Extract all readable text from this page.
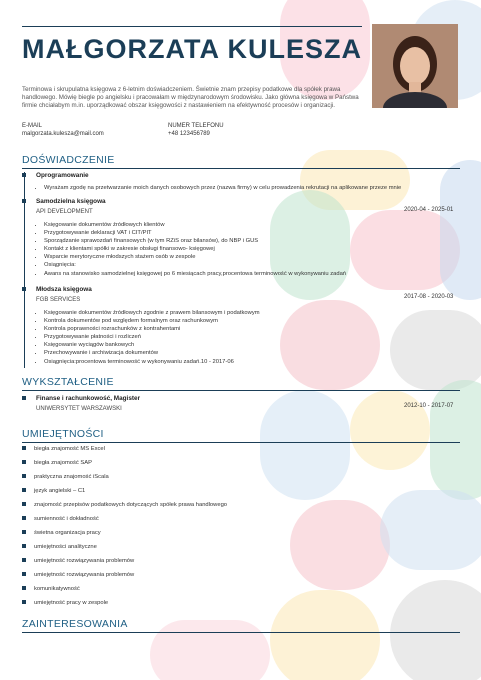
MAŁGORZATA KULESZA
Terminowa i skrupulatna księgowa z 6-letnim doświadczeniem. Świetnie znam przepisy podatkowe dla spółek prawa handlowego. Mówię biegle po angielsku i pracowałam w międzynarodowym środowisku. Jako główna księgowa w Państwa firmie chciałabym m.in. uporządkować obszar księgowości z nastawieniem na efektywność procesów i organizacji.
E-MAIL
malgorzata.kulesza@mail.com
NUMER TELEFONU
+48 123456789
DOŚWIADCZENIE
Oprogramowanie
• Wyrażam zgodę na przetwarzanie moich danych osobowych przez (nazwa firmy) w celu prowadzenia rekrutacji na aplikowane przeze mnie
Samodzielna księgowa
API DEVELOPMENT	2020-04 - 2025-01
• Księgowanie dokumentów źródłowych klientów
• Przygotowywanie deklaracji VAT i CIT/PIT
• Sporządzanie sprawozdań finansowych (w tym RZiS oraz bilansów), do NBP i GUS
• Kontakt z klientami spółki w zakresie obsługi finansowo- księgowej
• Wsparcie merytoryczne młodszych stażem osób w zespole
• Osiągnięcia:
• Awans na stanowisko samodzielnej księgowej po 6 miesiącach pracy,procentowa terminowość w wykonywaniu zadań
Młodsza księgowa
FGB SERVICES	2017-08 - 2020-03
• Księgowanie dokumentów źródłowych zgodnie z prawem bilansowym i podatkowym
• Kontrola dokumentów pod względem formalnym oraz rachunkowym
• Kontrola poprawności rozrachunków z kontrahentami
• Przygotowywanie płatności i rozliczeń
• Księgowanie wyciągów bankowych
• Przechowywanie i archiwizacja dokumentów
• Osiągnięcia:procentowa terminowość w wykonywaniu zadań.10 - 2017-06
WYKSZTAŁCENIE
Finanse i rachunkowość, Magister
UNIWERSYTET WARSZAWSKI	2012-10 - 2017-07
UMIEJĘTNOŚCI
biegła znajomość MS Excel
biegła znajomość SAP
praktyczna znajomość iScala
język angielski – C1
znajomość przepisów podatkowych dotyczących spółek prawa handlowego
sumienność i dokładność
świetna organizacja pracy
umiejętności analityczne
umiejętność rozwiązywania problemów
umiejętność rozwiązywania problemów
komunikatywność
umiejętność pracy w zespole
ZAINTERESOWANIA
